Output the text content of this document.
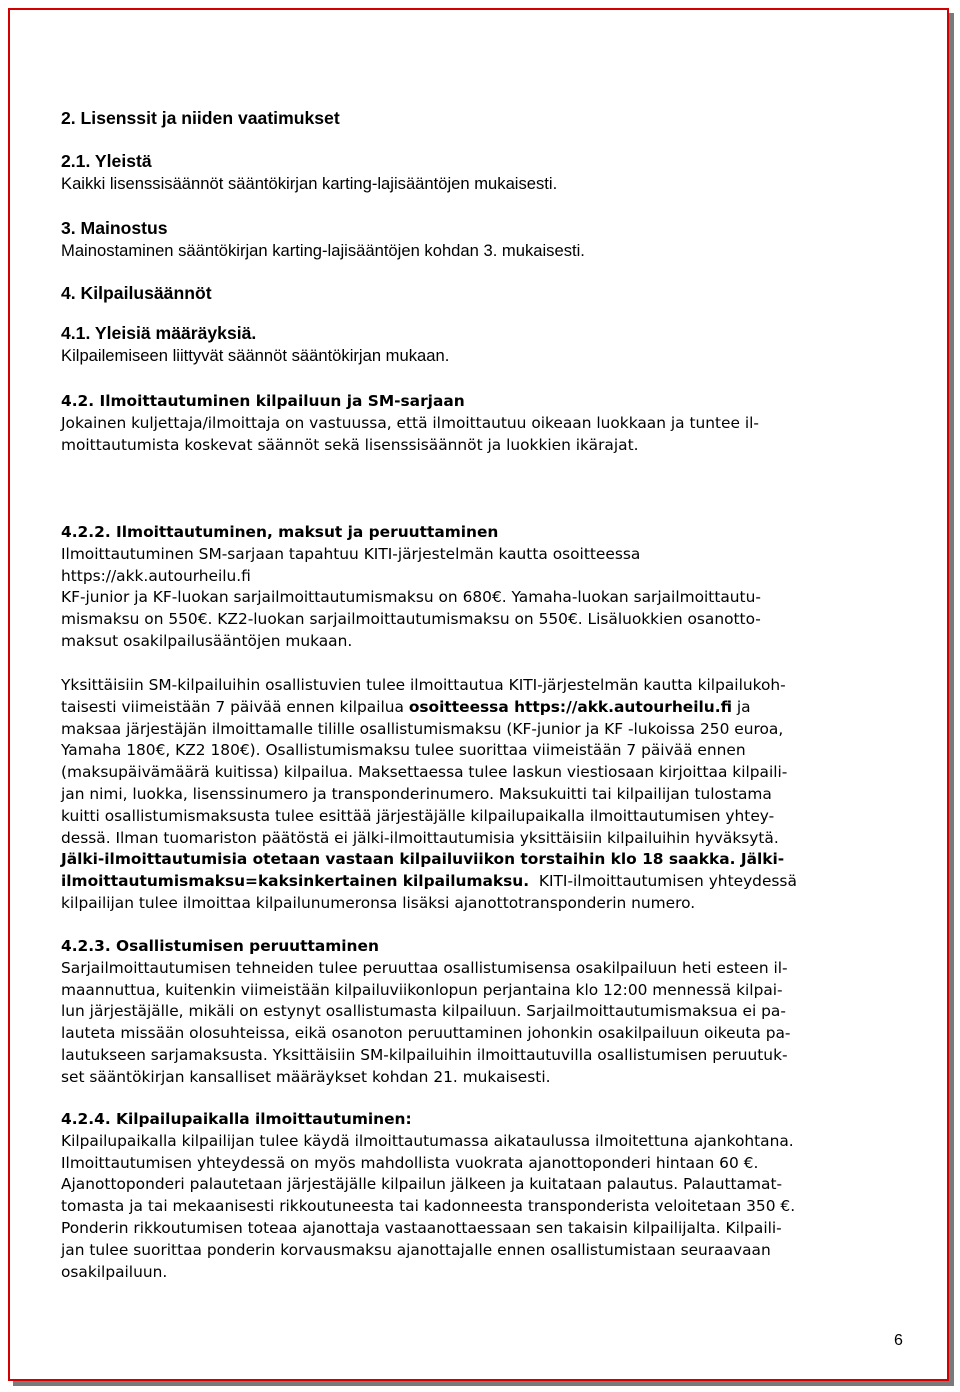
2. Lisenssit ja niiden vaatimukset
2.1. Yleistä
Kaikki lisenssisäännöt sääntökirjan karting-lajisääntöjen mukaisesti.
3. Mainostus
Mainostaminen sääntökirjan karting-lajisääntöjen kohdan 3. mukaisesti.
4. Kilpailusäännöt
4.1. Yleisiä määräyksiä.
Kilpailemiseen liittyvät säännöt sääntökirjan mukaan.
4.2. Ilmoittautuminen kilpailuun ja SM-sarjaan
Jokainen kuljettaja/ilmoittaja on vastuussa, että ilmoittautuu oikeaan luokkaan ja tuntee il-
moittautumista koskevat säännöt sekä lisenssisäännöt ja luokkien ikärajat.
4.2.2. Ilmoittautuminen, maksut ja peruuttaminen
Ilmoittautuminen SM-sarjaan tapahtuu KITI-järjestelmän kautta osoitteessa
https://akk.autourheilu.fi
KF-junior ja KF-luokan sarjailmoittautumismaksu on 680€. Yamaha-luokan sarjailmoittautu-
mismaksu on 550€. KZ2-luokan sarjailmoittautumismaksu on 550€. Lisäluokkien osanotto-
maksut osakilpailusääntöjen mukaan.
Yksittäisiin SM-kilpailuihin osallistuvien tulee ilmoittautua KITI-järjestelmän kautta kilpailukoh-
taisesti viimeistään 7 päivää ennen kilpailua osoitteessa https://akk.autourheilu.fi ja
maksaa järjestäjän ilmoittamalle tilille osallistumismaksu (KF-junior ja KF -lukoissa 250 euroa,
Yamaha 180€, KZ2 180€). Osallistumismaksu tulee suorittaa viimeistään 7 päivää ennen
(maksupäivämäärä kuitissa) kilpailua. Maksettaessa tulee laskun viestiosaan kirjoittaa kilpaili-
jan nimi, luokka, lisenssinumero ja transponderinumero. Maksukuitti tai kilpailijan tulostama
kuitti osallistumismaksusta tulee esittää järjestäjälle kilpailupaikalla ilmoittautumisen yhtey-
dessä. Ilman tuomariston päätöstä ei jälki-ilmoittautumisia yksittäisiin kilpailuihin hyväksytä.
Jälki-ilmoittautumisia otetaan vastaan kilpailuviikon torstaihin klo 18 saakka. Jälki-
ilmoittautumismaksu=kaksinkertainen kilpailumaksu.  KITI-ilmoittautumisen yhteydessä
kilpailijan tulee ilmoittaa kilpailunumeronsa lisäksi ajanottotransponderin numero.
4.2.3. Osallistumisen peruuttaminen
Sarjailmoittautumisen tehneiden tulee peruuttaa osallistumisensa osakilpailuun heti esteen il-
maannuttua, kuitenkin viimeistään kilpailuviikonlopun perjantaina klo 12:00 mennessä kilpai-
lun järjestäjälle, mikäli on estynyt osallistumasta kilpailuun. Sarjailmoittautumismaksua ei pa-
lauteta missään olosuhteissa, eikä osanoton peruuttaminen johonkin osakilpailuun oikeuta pa-
lautukseen sarjamaksusta. Yksittäisiin SM-kilpailuihin ilmoittautuvilla osallistumisen peruutuk-
set sääntökirjan kansalliset määräykset kohdan 21. mukaisesti.
4.2.4. Kilpailupaikalla ilmoittautuminen:
Kilpailupaikalla kilpailijan tulee käydä ilmoittautumassa aikataulussa ilmoitettuna ajankohtana.
Ilmoittautumisen yhteydessä on myös mahdollista vuokrata ajanottoponderi hintaan 60 €.
Ajanottoponderi palautetaan järjestäjälle kilpailun jälkeen ja kuitataan palautus. Palauttamat-
tomasta ja tai mekaanisesti rikkoutuneesta tai kadonneesta transponderista veloitetaan 350 €.
Ponderin rikkoutumisen toteaa ajanottaja vastaanottaessaan sen takaisin kilpailijalta. Kilpaili-
jan tulee suorittaa ponderin korvausmaksu ajanottajalle ennen osallistumistaan seuraavaan
osakilpailuun.
6
